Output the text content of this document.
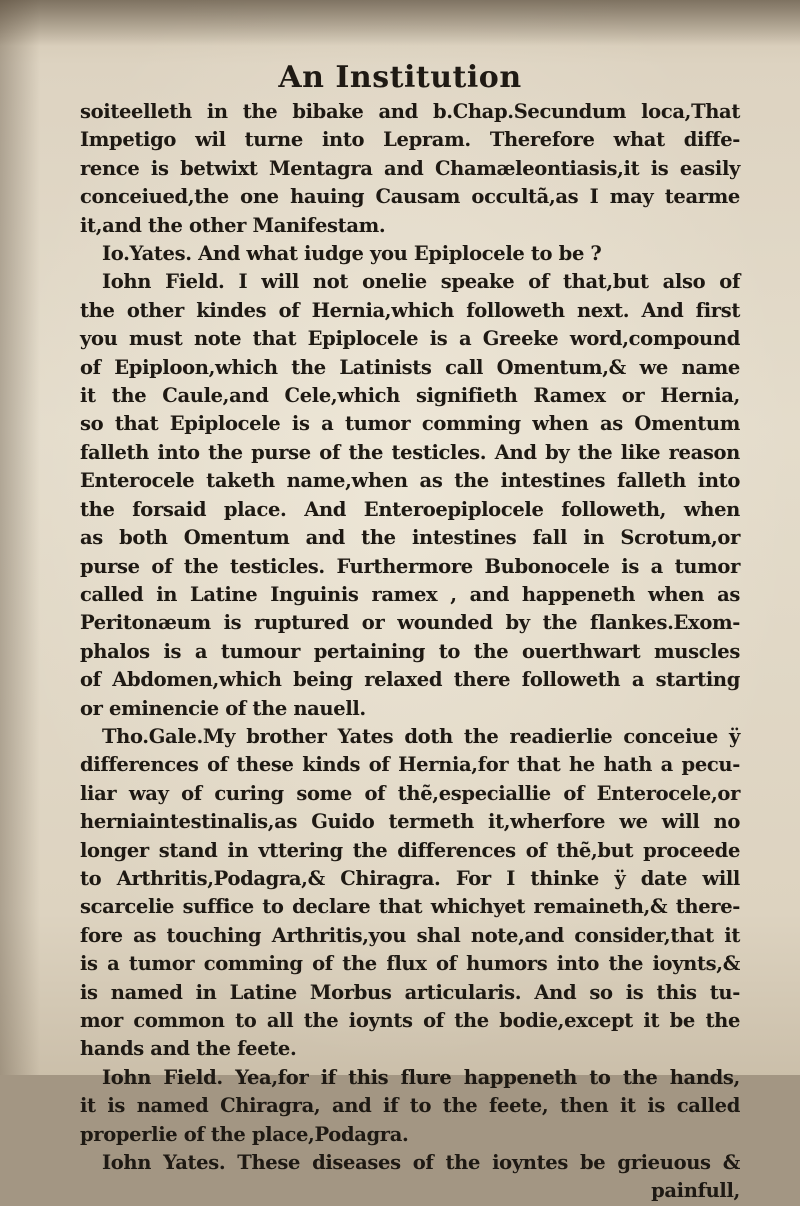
An Institution
soiteelleth in the bibake and b.Chap.Secundum loca,That
Impetigo wil turne into Lepram. Therefore what diffe-
rence is betwixt Mentagra and Chamæleontiasis,it is easily
conceiued,the one hauing Causam occultã,as I may tearme
it,and the other Manifestam.
Io.Yates. And what iudge you Epiplocele to be ?
Iohn Field. I will not onelie speake of that,but also of
the other kindes of Hernia,which followeth next. And first
you must note that Epiplocele is a Greeke word,compound
of Epiploon,which the Latinists call Omentum,& we name
it the Caule,and Cele,which signifieth Ramex or Hernia,
so that Epiplocele is a tumor comming when as Omentum
falleth into the purse of the testicles. And by the like reason
Enterocele taketh name,when as the intestines falleth into
the forsaid place. And Enteroepiplocele followeth, when
as both Omentum and the intestines fall in Scrotum,or
purse of the testicles. Furthermore Bubonocele is a tumor
called in Latine Inguinis ramex , and happeneth when as
Peritonæum is ruptured or wounded by the flankes.Exom-
phalos is a tumour pertaining to the ouerthwart muscles
of Abdomen,which being relaxed there followeth a starting
or eminencie of the nauell.
Tho.Gale.My brother Yates doth the readierlie conceiue ÿ
differences of these kinds of Hernia,for that he hath a pecu-
liar way of curing some of thẽ,especiallie of Enterocele,or
herniaintestinalis,as Guido termeth it,wherfore we will no
longer stand in vttering the differences of thẽ,but proceede
to Arthritis,Podagra,& Chiragra. For I thinke ÿ date will
scarcelie suffice to declare that whichyet remaineth,& there-
fore as touching Arthritis,you shal note,and consider,that it
is a tumor comming of the flux of humors into the ioynts,&
is named in Latine Morbus articularis. And so is this tu-
mor common to all the ioynts of the bodie,except it be the
hands and the feete.
Iohn Field. Yea,for if this flure happeneth to the hands,
it is named Chiragra, and if to the feete, then it is called
properlie of the place,Podagra.
Iohn Yates. These diseases of the ioyntes be grieuous &
painfull,
